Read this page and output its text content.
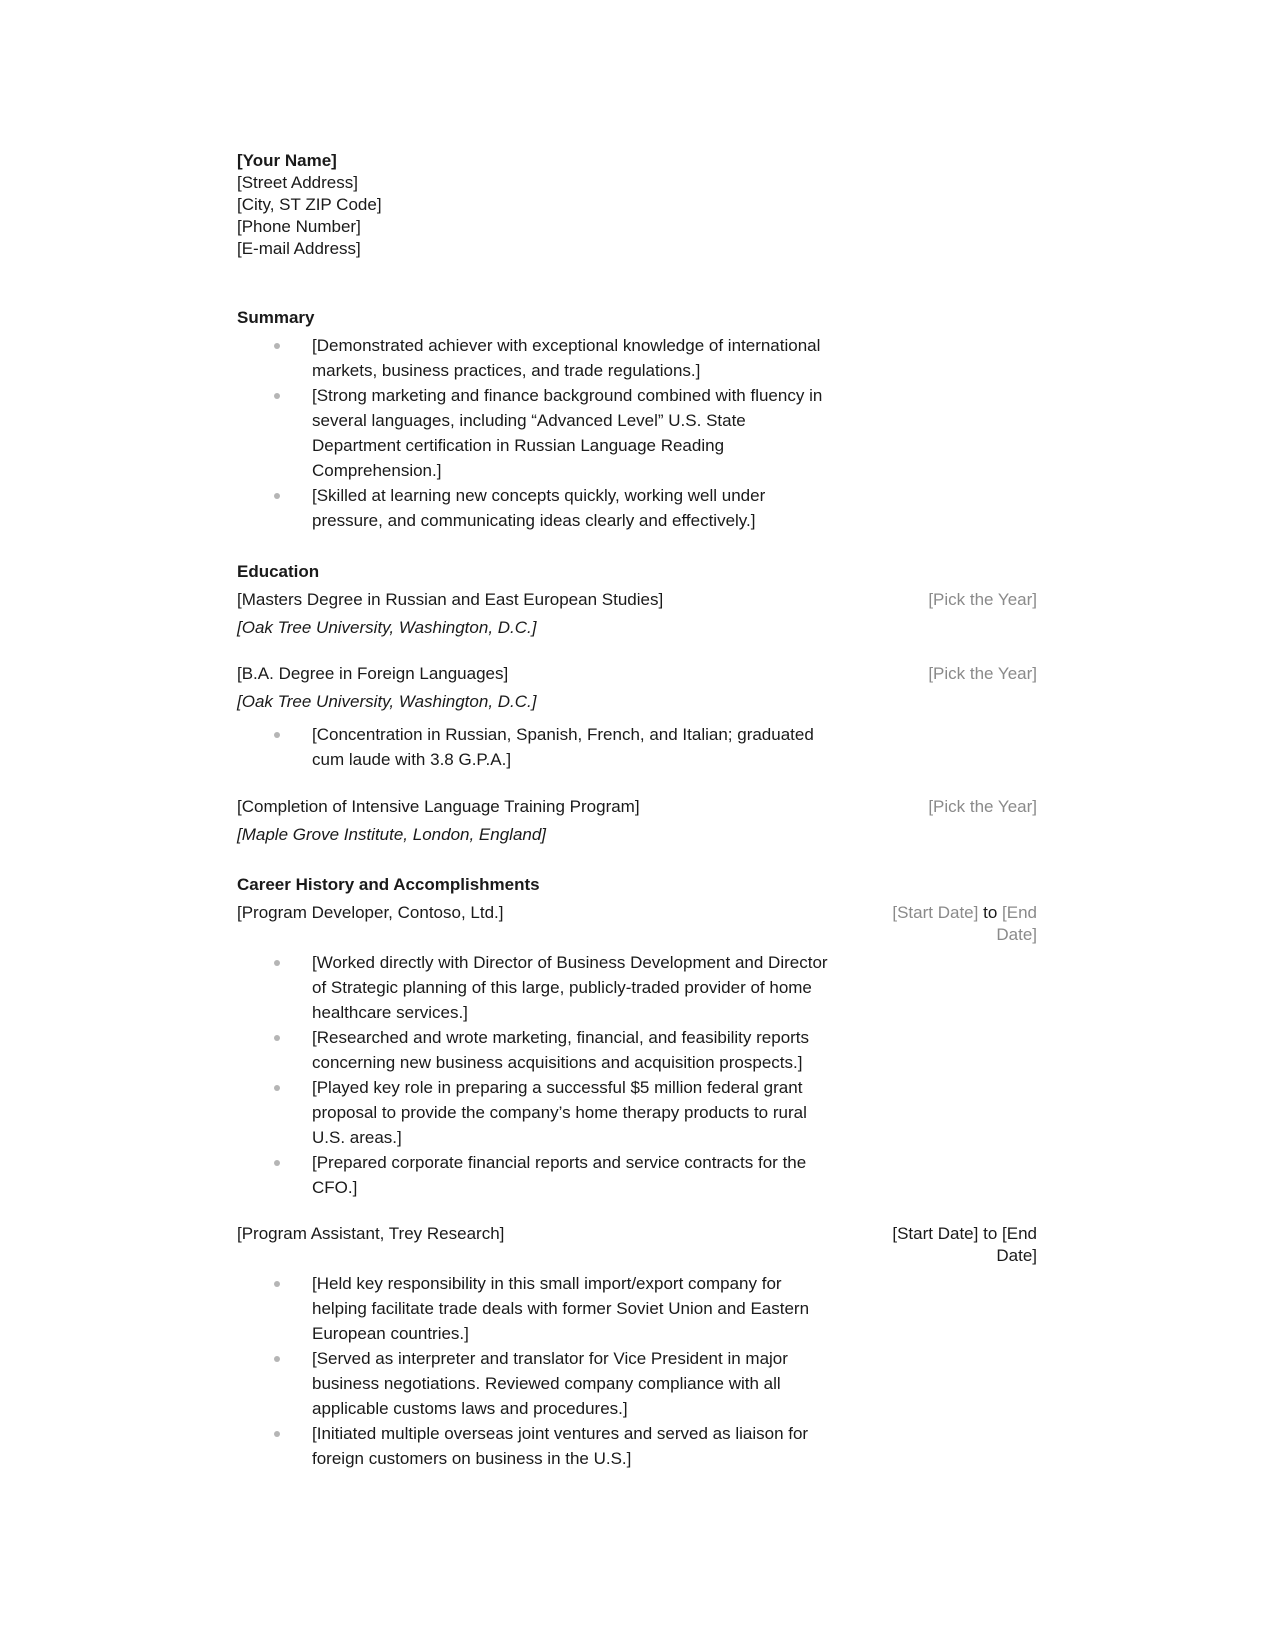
[Your Name]
[Street Address]
[City, ST ZIP Code]
[Phone Number]
[E-mail Address]
Summary
[Demonstrated achiever with exceptional knowledge of international markets, business practices, and trade regulations.]
[Strong marketing and finance background combined with fluency in several languages, including “Advanced Level” U.S. State Department certification in Russian Language Reading Comprehension.]
[Skilled at learning new concepts quickly, working well under pressure, and communicating ideas clearly and effectively.]
Education
[Masters Degree in Russian and East European Studies]	[Pick the Year]
[Oak Tree University, Washington, D.C.]
[B.A. Degree in Foreign Languages]	[Pick the Year]
[Oak Tree University, Washington, D.C.]
[Concentration in Russian, Spanish, French, and Italian; graduated cum laude with 3.8 G.P.A.]
[Completion of Intensive Language Training Program]	[Pick the Year]
[Maple Grove Institute, London, England]
Career History and Accomplishments
[Program Developer, Contoso, Ltd.]	[Start Date] to [End Date]
[Worked directly with Director of Business Development and Director of Strategic planning of this large, publicly-traded provider of home healthcare services.]
[Researched and wrote marketing, financial, and feasibility reports concerning new business acquisitions and acquisition prospects.]
[Played key role in preparing a successful $5 million federal grant proposal to provide the company’s home therapy products to rural U.S. areas.]
[Prepared corporate financial reports and service contracts for the CFO.]
[Program Assistant, Trey Research]	[Start Date] to [End Date]
[Held key responsibility in this small import/export company for helping facilitate trade deals with former Soviet Union and Eastern European countries.]
[Served as interpreter and translator for Vice President in major business negotiations. Reviewed company compliance with all applicable customs laws and procedures.]
[Initiated multiple overseas joint ventures and served as liaison for foreign customers on business in the U.S.]
